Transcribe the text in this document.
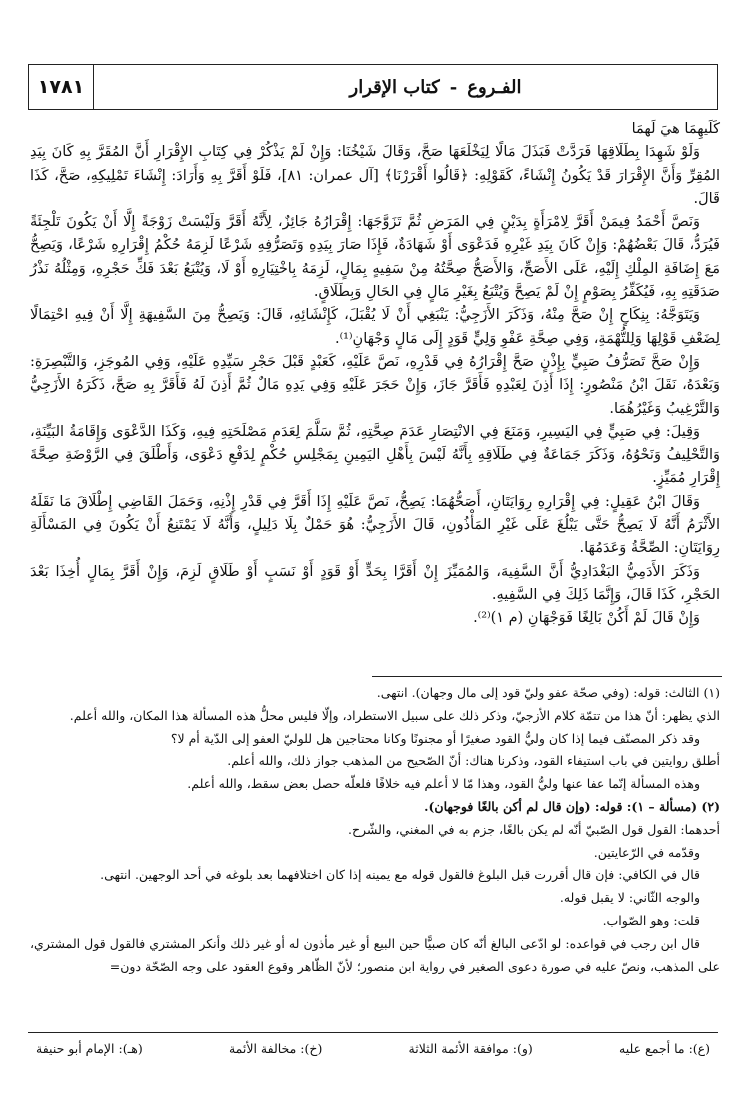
١٧٨١	الفـروع
-
كتاب الإقرار

كَلَيهِمَا هيَ لَهمَا

وَلَوْ شَهِدَا بِطَلَاقِهَا فَرَدَّتْ فَبَذَلَ مَالًا لِيَخْلَعَهَا صَحَّ، وَقَالَ شَيْخُنَا: وَإِنْ لَمْ يَذْكُرْ فِي كِتَابِ الإِقْرَارِ أَنَّ المُقَرَّ بِهِ كَانَ بِيَدِ المُقِرِّ وَأَنَّ الإِقْرَارَ قَدْ يَكُونُ إِنْشَاءً، كَقَوْلِهِ: ﴿قَالُوا أَقْرَرْنَا﴾ [آل عمران: ٨١]، فَلَوْ أَقَرَّ بِهِ وَأَرَادَ: إِنْشَاءَ تَمْلِيكِهِ، صَحَّ، كَذَا قَالَ.

وَنَصَّ أَحْمَدُ فِيمَنْ أَقَرَّ لِامْرَأَةٍ بِدَيْنٍ فِي المَرَضِ ثُمَّ تَزَوَّجَهَا: إِقْرَارُهُ جَائِزٌ، لِأَنَّهُ أَقَرَّ وَلَيْسَتْ زَوْجَةً إِلَّا أَنْ يَكُونَ تَلْجِئَةً فَيُرَدُّ، قَالَ بَعْضُهُمْ: وَإِنْ كَانَ بِيَدِ غَيْرِهِ فَدَعْوَى أَوْ شَهَادَةٌ، فَإِذَا صَارَ بِيَدِهِ وَتَصَرُّفِهِ شَرْعًا لَزِمَهُ حُكْمُ إِقْرَارِهِ شَرْعًا، وَيَصِحُّ مَعَ إِضَافَةِ المِلْكِ إِلَيْهِ، عَلَى الأَصَحِّ، وَالأَصَحُّ صِحَّتُهُ مِنْ سَفِيهٍ بِمَالٍ، لَزِمَهُ بِاخْتِيَارِهِ أَوْ لَا، وَيُتْبَعُ بَعْدَ فَكِّ حَجْرِهِ، وَمِثْلُهُ نَذْرُ صَدَقَتِهِ بِهِ، فَيُكَفِّرُ بِصَوْمٍ إِنْ لَمْ يَصِحَّ وَيُتْبَعُ بِغَيْرِ مَالٍ فِي الحَالِ وَبِطَلَاقٍ.

وَيَتَوَجَّهُ: بِنِكَاحٍ إِنْ صَحَّ مِنْهُ، وَذَكَرَ الأَزَجِيُّ: يَنْبَغِي أَنْ لَا يُقْبَلَ، كَإِنْشَائِهِ، قَالَ: وَيَصِحُّ مِنَ السَّفِيهَةِ إِلَّا أَنْ فِيهِ احْتِمَالًا لِضَعْفِ قَوْلِهَا وَلِلتُّهْمَةِ، وَفِي صِحَّةِ عَفْوِ وَلِيٍّ قَوَدٍ إِلَى مَالٍ وَجْهَانِ⁽¹⁾.

وَإِنْ صَحَّ تَصَرُّفُ صَبِيٍّ بِإِذْنٍ صَحَّ إِقْرَارُهُ فِي قَدْرِهِ، نَصَّ عَلَيْهِ، كَعَبْدٍ قَبْلَ حَجْرِ سَيِّدِهِ عَلَيْهِ، وَفِي المُوجَزِ، وَالتَّبْصِرَةِ: وَبَعْدَهُ، نَقَلَ ابْنُ مَنْصُورٍ: إِذَا أَذِنَ لِعَبْدِهِ فَأَقَرَّ جَازَ، وَإِنْ حَجَرَ عَلَيْهِ وَفِي يَدِهِ مَالٌ ثُمَّ أَذِنَ لَهُ فَأَقَرَّ بِهِ صَحَّ، ذَكَرَهُ الأَزَجِيُّ وَالتَّرْغِيبُ وَغَيْرُهُمَا.

وَقِيلَ: فِي صَبِيٍّ فِي اليَسِيرِ، وَمَنَعَ فِي الانْتِصَارِ عَدَمَ صِحَّتِهِ، ثُمَّ سَلَّمَ لِعَدَمِ مَصْلَحَتِهِ فِيهِ، وَكَذَا الدَّعْوَى وَإِقَامَةُ البَيِّنَةِ، وَالتَّحْلِيفُ وَنَحْوُهُ، وَذَكَرَ جَمَاعَةٌ فِي طَلَاقِهِ بِأَنَّهُ لَيْسَ بِأَهْلِ اليَمِينِ بِمَجْلِسِ حُكْمٍ لِدَفْعِ دَعْوَى، وَأَطْلَقَ فِي الرَّوْضَةِ صِحَّةَ إِقْرَارِ مُمَيِّزٍ.

وَقَالَ ابْنُ عَقِيلٍ: فِي إِقْرَارِهِ رِوَايَتَانِ، أَصَحُّهُمَا: يَصِحُّ، نَصَّ عَلَيْهِ إِذَا أَقَرَّ فِي قَدْرِ إِذْنِهِ، وَحَمَلَ القَاضِي إِطْلَاقَ مَا نَقَلَهُ الأَثْرَمُ أَنَّهُ لَا يَصِحُّ حَتَّى يَبْلُغَ عَلَى غَيْرِ المَأْذُونِ، قَالَ الأَزَجِيُّ: هُوَ حَمْلٌ بِلَا دَلِيلٍ، وَأَنَّهُ لَا يَمْتَنِعُ أَنْ يَكُونَ فِي المَسْأَلَةِ رِوَايَتَانِ: الصِّحَّةُ وَعَدَمُهَا.

وَذَكَرَ الأَدَمِيُّ البَغْدَادِيُّ أَنَّ السَّفِيهَ، وَالمُمَيِّزَ إِنْ أَقَرَّا بِحَدٍّ أَوْ قَوَدٍ أَوْ نَسَبٍ أَوْ طَلَاقٍ لَزِمَ، وَإِنْ أَقَرَّ بِمَالٍ أُخِذَا بَعْدَ الحَجْرِ، كَذَا قَالَ، وَإِنَّمَا ذَلِكَ فِي السَّفِيهِ.

وَإِنْ قَالَ لَمْ أَكُنْ بَالِغًا فَوَجْهَانِ (م ١)⁽²⁾.

(١) الثالث: قوله: (وفي صحّة عفو وليّ قود إلى مال وجهان). انتهى.

الذي يظهر: أنّ هذا من تتمّة كلام الأزجيّ، وذكر ذلك على سبيل الاستطراد، وإلّا فليس محلُّ هذه المسألة هذا المكان، والله أعلم.

وقد ذكر المصنّف فيما إذا كان وليُّ القود صغيرًا أو مجنونًا وكانا محتاجين هل للوليّ العفو إلى الدّية أم لا؟

أطلق روايتين في باب استيفاء القود، وذكرنا هناك: أنّ الصّحيح من المذهب جواز ذلك، والله أعلم.

وهذه المسألة إنّما عفا عنها وليُّ القود، وهذا مّا لا أعلم فيه خلافًا فلعلّه حصل بعض سقط، والله أعلم.

(٢) (مسألة – ١): قوله: (وإن قال لم أكن بالغًا فوجهان).

أحدهما: القول قول الصّبيّ أنّه لم يكن بالغًا، جزم به في المغني، والشّرح.

وقدّمه في الرّعايتين.

قال في الكافي: فإن قال أقررت قبل البلوغ فالقول قوله مع يمينه إذا كان اختلافهما بعد بلوغه في أحد الوجهين. انتهى.

والوجه الثّاني: لا يقبل قوله.

قلت: وهو الصّواب.

قال ابن رجب في قواعده: لو ادّعى البالغ أنّه كان صبيًّا حين البيع أو غير مأذون له أو غير ذلك وأنكر المشتري فالقول قول المشتري، على المذهب، ونصّ عليه في صورة دعوى الصغير في رواية ابن منصور؛ لأنّ الظّاهر وقوع العقود على وجه الصّحّة دون=

(ع): ما أجمع عليه
(و): موافقة الأئمة الثلاثة
(خ): مخالفة الأئمة
(هـ): الإمام أبو حنيفة
